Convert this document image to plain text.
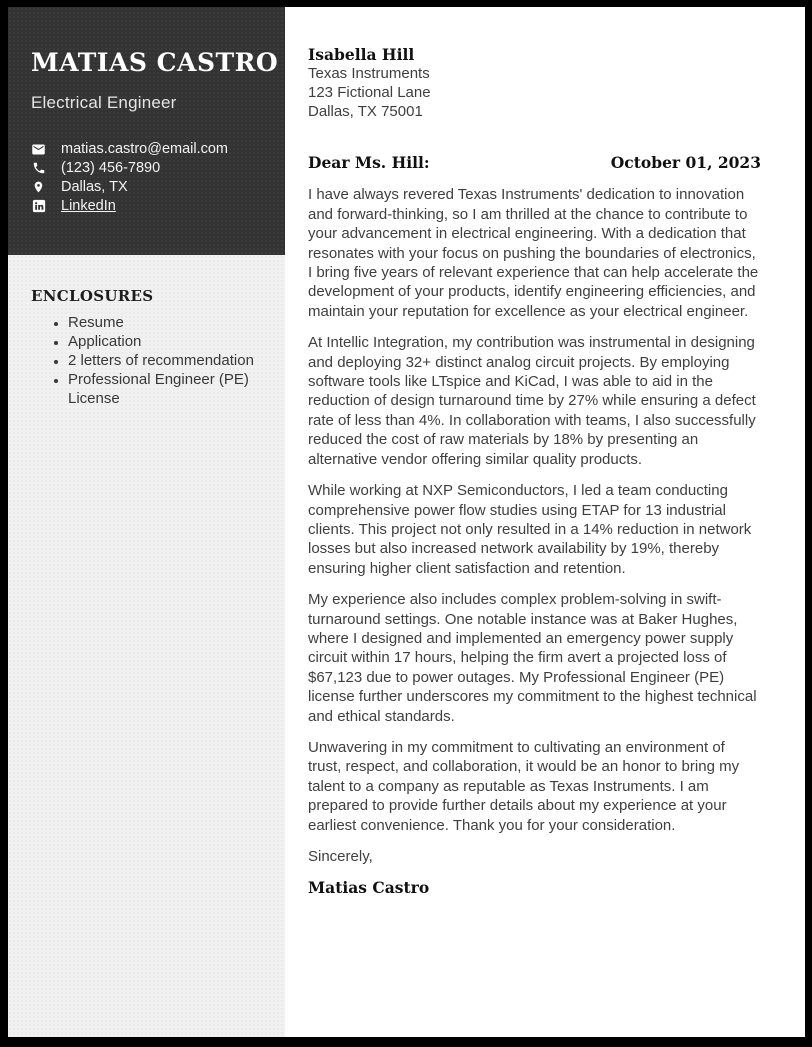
MATIAS CASTRO
Electrical Engineer
matias.castro@email.com
(123) 456-7890
Dallas, TX
LinkedIn
ENCLOSURES
• Resume
• Application
• 2 letters of recommendation
• Professional Engineer (PE) License
Isabella Hill
Texas Instruments
123 Fictional Lane
Dallas, TX 75001
Dear Ms. Hill:	October 01, 2023

I have always revered Texas Instruments' dedication to innovation and forward-thinking, so I am thrilled at the chance to contribute to your advancement in electrical engineering. With a dedication that resonates with your focus on pushing the boundaries of electronics, I bring five years of relevant experience that can help accelerate the development of your products, identify engineering efficiencies, and maintain your reputation for excellence as your electrical engineer.

At Intellic Integration, my contribution was instrumental in designing and deploying 32+ distinct analog circuit projects. By employing software tools like LTspice and KiCad, I was able to aid in the reduction of design turnaround time by 27% while ensuring a defect rate of less than 4%. In collaboration with teams, I also successfully reduced the cost of raw materials by 18% by presenting an alternative vendor offering similar quality products.

While working at NXP Semiconductors, I led a team conducting comprehensive power flow studies using ETAP for 13 industrial clients. This project not only resulted in a 14% reduction in network losses but also increased network availability by 19%, thereby ensuring higher client satisfaction and retention.

My experience also includes complex problem-solving in swift-turnaround settings. One notable instance was at Baker Hughes, where I designed and implemented an emergency power supply circuit within 17 hours, helping the firm avert a projected loss of $67,123 due to power outages. My Professional Engineer (PE) license further underscores my commitment to the highest technical and ethical standards.

Unwavering in my commitment to cultivating an environment of trust, respect, and collaboration, it would be an honor to bring my talent to a company as reputable as Texas Instruments. I am prepared to provide further details about my experience at your earliest convenience. Thank you for your consideration.

Sincerely,

Matias Castro
